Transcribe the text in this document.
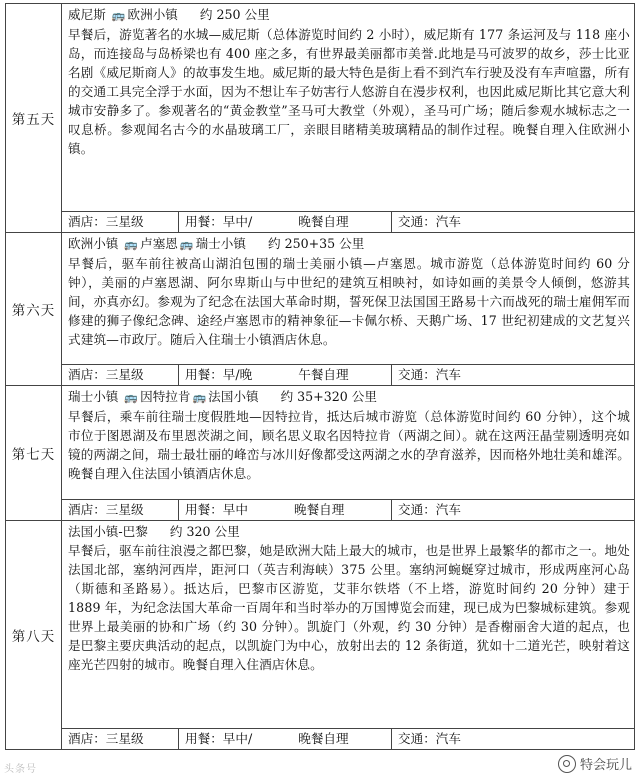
第五天	威尼斯 🚌 欧洲小镇 约 250 公里
早餐后，游览著名的水城—威尼斯（总体游览时间约 2 小时），威尼斯有 177 条运河及与 118 座小岛，而连接岛与岛桥梁也有 400 座之多，有世界最美丽都市美誉.此地是马可波罗的故乡，莎士比亚名剧《威尼斯商人》的故事发生地。威尼斯的最大特色是街上看不到汽车行驶及没有车声喧嚣，所有的交通工具完全浮于水面，因为不想让车子妨害行人悠游自在漫步权利，也因此威尼斯比其它意大利城市安静多了。参观著名的“黄金教堂”圣马可大教堂（外观），圣马可广场；随后参观水城标志之一叹息桥。参观闻名古今的水晶玻璃工厂，亲眼目睹精美玻璃精品的制作过程。晚餐自理入住欧洲小镇。		

	酒店：三星级	用餐：早中/ 晚餐自理	交通：汽车
第六天	欧洲小镇 🚌 卢塞恩 🚌 瑞士小镇 约 250+35 公里
早餐后，驱车前往被高山湖泊包围的瑞士美丽小镇—卢塞恩。城市游览（总体游览时间约 60 分钟），美丽的卢塞恩湖、阿尔卑斯山与中世纪的建筑互相映衬，如诗如画的美景令人倾倒，悠游其间，亦真亦幻。参观为了纪念在法国大革命时期，誓死保卫法国国王路易十六而战死的瑞士雇佣军而修建的狮子像纪念碑、途经卢塞恩市的精神象征—卡佩尔桥、天鹅广场、17 世纪初建成的文艺复兴式建筑—市政厅。随后入住瑞士小镇酒店休息。		

	酒店：三星级	用餐：早/晚 午餐自理	交通：汽车
第七天	瑞士小镇 🚌 因特拉肯 🚌 法国小镇 约 35+320 公里
早餐后，乘车前往瑞士度假胜地—因特拉肯，抵达后城市游览（总体游览时间约 60 分钟），这个城市位于图恩湖及布里恩茨湖之间，顾名思义取名因特拉肯（两湖之间）。就在这两汪晶莹剔透明亮如镜的两湖之间，瑞士最壮丽的峰峦与冰川好像都受这两湖之水的孕育滋养，因而格外地壮美和雄浑。晚餐自理入住法国小镇酒店休息。		

	酒店：三星级	用餐：早中 晚餐自理	交通：汽车
第八天	法国小镇-巴黎 约 320 公里
早餐后，驱车前往浪漫之都巴黎，她是欧洲大陆上最大的城市，也是世界上最繁华的都市之一。地处法国北部，塞纳河西岸，距河口（英吉利海峡）375 公里。塞纳河蜿蜒穿过城市，形成两座河心岛（斯德和圣路易）。抵达后，巴黎市区游览，艾菲尔铁塔（不上塔，游览时间约 20 分钟）建于 1889 年，为纪念法国大革命一百周年和当时举办的万国博览会而建，现已成为巴黎城标建筑。参观世界上最美丽的协和广场（约 30 分钟）。凯旋门（外观，约 30 分钟）是香榭丽舍大道的起点，也是巴黎主要庆典活动的起点，以凯旋门为中心，放射出去的 12 条街道，犹如十二道光芒，映射着这座光芒四射的城市。晚餐自理入住酒店休息。		

	酒店：三星级	用餐：早中/ 晚餐自理	交通：汽车
头条号	特会玩儿
